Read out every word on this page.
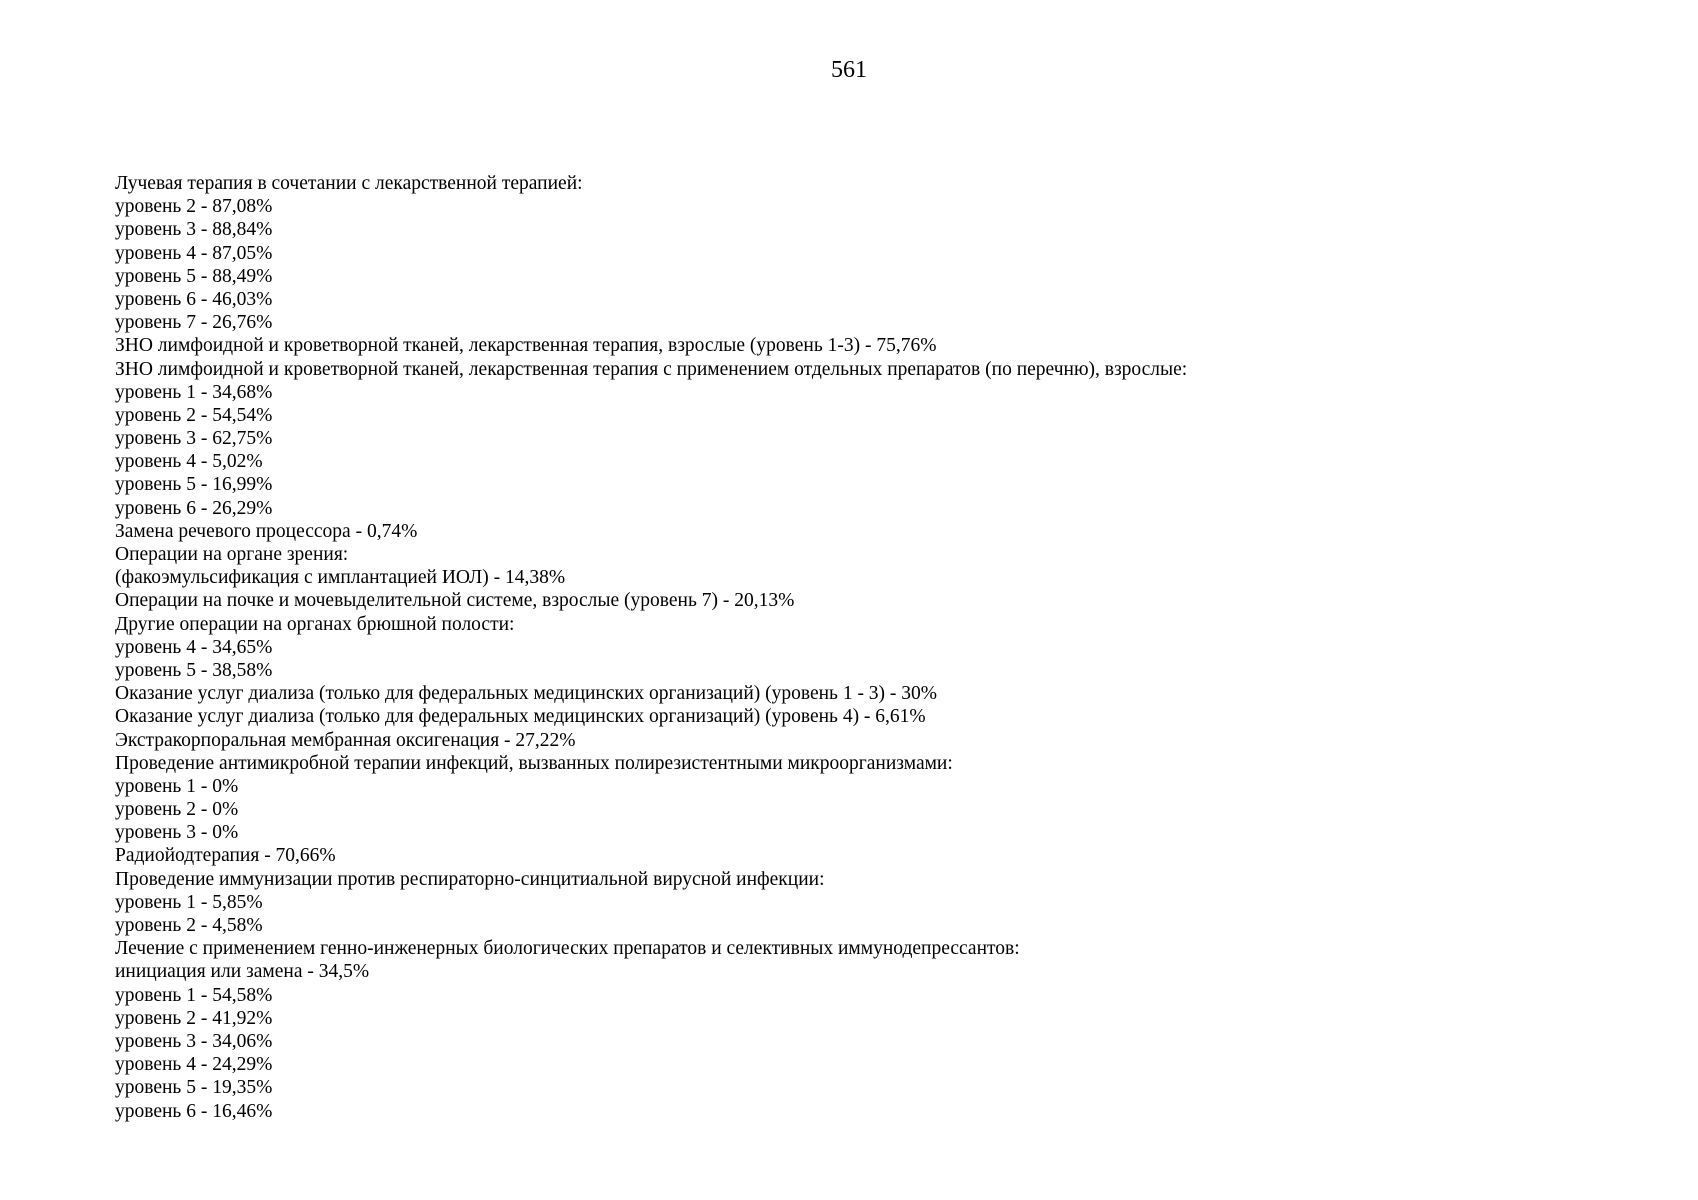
561
Лучевая терапия в сочетании с лекарственной терапией:
уровень 2 - 87,08%
уровень 3 - 88,84%
уровень 4 - 87,05%
уровень 5 - 88,49%
уровень 6 - 46,03%
уровень 7 - 26,76%
ЗНО лимфоидной и кроветворной тканей, лекарственная терапия, взрослые (уровень 1-3) - 75,76%
ЗНО лимфоидной и кроветворной тканей, лекарственная терапия с применением отдельных препаратов (по перечню), взрослые:
уровень 1 - 34,68%
уровень 2 - 54,54%
уровень 3 - 62,75%
уровень 4 - 5,02%
уровень 5 - 16,99%
уровень 6 - 26,29%
Замена речевого процессора - 0,74%
Операции на органе зрения:
(факоэмульсификация с имплантацией ИОЛ) - 14,38%
Операции на почке и мочевыделительной системе, взрослые (уровень 7) - 20,13%
Другие операции на органах брюшной полости:
уровень 4 - 34,65%
уровень 5 - 38,58%
Оказание услуг диализа (только для федеральных медицинских организаций) (уровень 1 - 3) - 30%
Оказание услуг диализа (только для федеральных медицинских организаций) (уровень 4) - 6,61%
Экстракорпоральная мембранная оксигенация - 27,22%
Проведение антимикробной терапии инфекций, вызванных полирезистентными микроорганизмами:
уровень 1 - 0%
уровень 2 - 0%
уровень 3 - 0%
Радиойодтерапия - 70,66%
Проведение иммунизации против респираторно-синцитиальной вирусной инфекции:
уровень 1 - 5,85%
уровень 2 - 4,58%
Лечение с применением генно-инженерных биологических препаратов и селективных иммунодепрессантов:
инициация или замена - 34,5%
уровень 1 - 54,58%
уровень 2 - 41,92%
уровень 3 - 34,06%
уровень 4 - 24,29%
уровень 5 - 19,35%
уровень 6 - 16,46%
